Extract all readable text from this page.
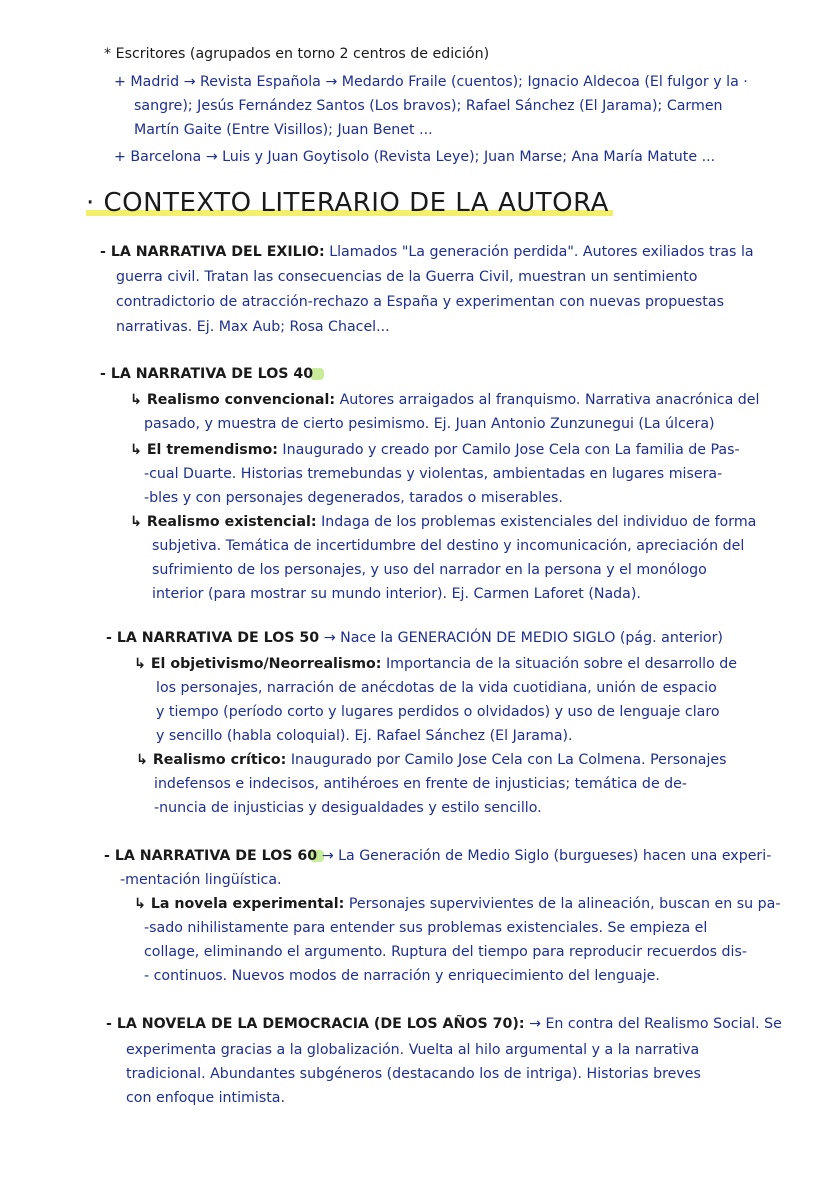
* Escritores (agrupados en torno 2 centros de edición)
+ Madrid → Revista Española → Medardo Fraile (cuentos); Ignacio Aldecoa (El fulgor y la ·
sangre); Jesús Fernández Santos (Los bravos); Rafael Sánchez (El Jarama); Carmen
Martín Gaite (Entre Visillos); Juan Benet ...
+ Barcelona → Luis y Juan Goytisolo (Revista Leye); Juan Marse; Ana María Matute ...
· CONTEXTO LITERARIO DE LA AUTORA
- LA NARRATIVA DEL EXILIO: Llamados "La generación perdida". Autores exiliados tras la
guerra civil. Tratan las consecuencias de la Guerra Civil, muestran un sentimiento
contradictorio de atracción-rechazo a España y experimentan con nuevas propuestas
narrativas. Ej. Max Aub; Rosa Chacel...
- LA NARRATIVA DE LOS 40
↳ Realismo convencional: Autores arraigados al franquismo. Narrativa anacrónica del
pasado, y muestra de cierto pesimismo. Ej. Juan Antonio Zunzunegui (La úlcera)
↳ El tremendismo: Inaugurado y creado por Camilo Jose Cela con La familia de Pas-
-cual Duarte. Historias tremebundas y violentas, ambientadas en lugares misera-
-bles y con personajes degenerados, tarados o miserables.
↳ Realismo existencial: Indaga de los problemas existenciales del individuo de forma
subjetiva. Temática de incertidumbre del destino y incomunicación, apreciación del
sufrimiento de los personajes, y uso del narrador en la persona y el monólogo
interior (para mostrar su mundo interior). Ej. Carmen Laforet (Nada).
- LA NARRATIVA DE LOS 50 → Nace la GENERACIÓN DE MEDIO SIGLO (pág. anterior)
↳ El objetivismo/Neorrealismo: Importancia de la situación sobre el desarrollo de
los personajes, narración de anécdotas de la vida cuotidiana, unión de espacio
y tiempo (período corto y lugares perdidos o olvidados) y uso de lenguaje claro
y sencillo (habla coloquial). Ej. Rafael Sánchez (El Jarama).
↳ Realismo crítico: Inaugurado por Camilo Jose Cela con La Colmena. Personajes
indefensos e indecisos, antihéroes en frente de injusticias; temática de de-
-nuncia de injusticias y desigualdades y estilo sencillo.
- LA NARRATIVA DE LOS 60 → La Generación de Medio Siglo (burgueses) hacen una experi-
-mentación lingüística.
↳ La novela experimental: Personajes supervivientes de la alineación, buscan en su pa-
-sado nihilistamente para entender sus problemas existenciales. Se empieza el
collage, eliminando el argumento. Ruptura del tiempo para reproducir recuerdos dis-
- continuos. Nuevos modos de narración y enriquecimiento del lenguaje.
- LA NOVELA DE LA DEMOCRACIA (DE LOS AÑOS 70): → En contra del Realismo Social. Se
experimenta gracias a la globalización. Vuelta al hilo argumental y a la narrativa
tradicional. Abundantes subgéneros (destacando los de intriga). Historias breves
con enfoque intimista.
